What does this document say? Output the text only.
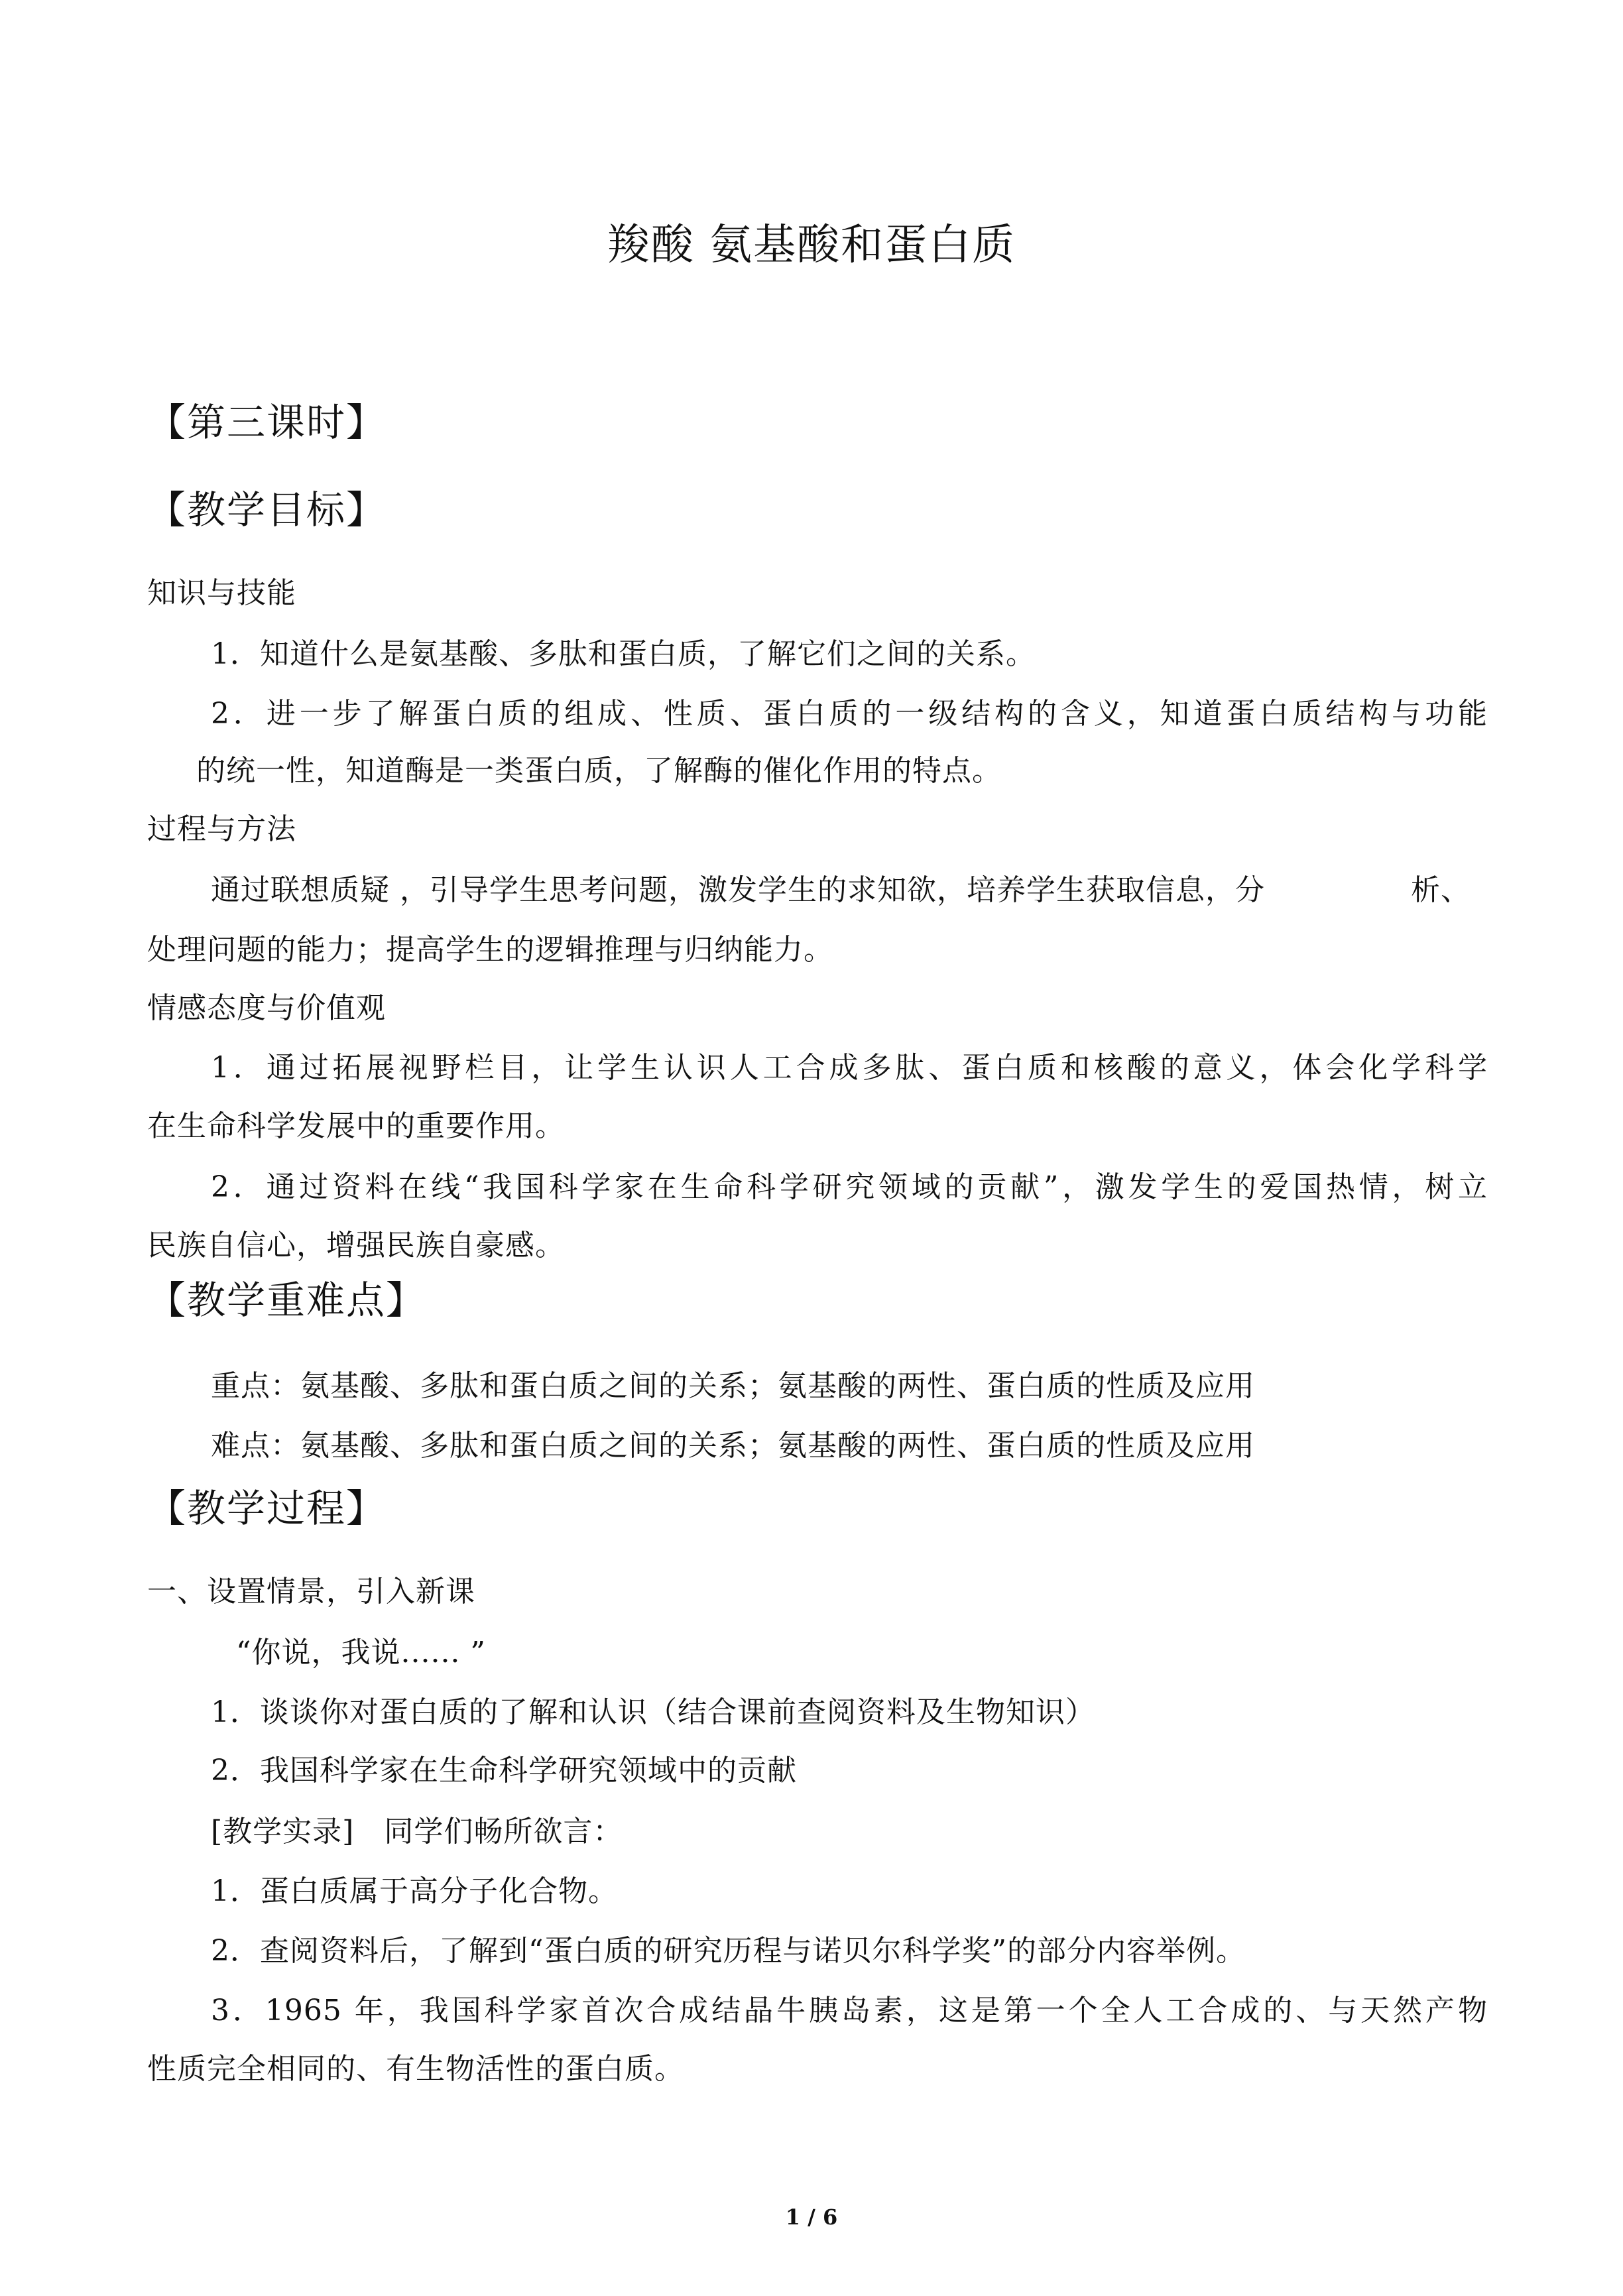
羧酸 氨基酸和蛋白质
【第三课时】
【教学目标】
知识与技能
1．知道什么是氨基酸、多肽和蛋白质，了解它们之间的关系。
2．进一步了解蛋白质的组成、性质、蛋白质的一级结构的含义，知道蛋白质结构与功能
的统一性，知道酶是一类蛋白质，了解酶的催化作用的特点。
过程与方法
通过联想质疑 ，引导学生思考问题，激发学生的求知欲，培养学生获取信息，分	析、
处理问题的能力；提高学生的逻辑推理与归纳能力。
情感态度与价值观
1．通过拓展视野栏目，让学生认识人工合成多肽、蛋白质和核酸的意义，体会化学科学
在生命科学发展中的重要作用。
2．通过资料在线“我国科学家在生命科学研究领域的贡献”，激发学生的爱国热情，树立
民族自信心，增强民族自豪感。
【教学重难点】
重点：氨基酸、多肽和蛋白质之间的关系；氨基酸的两性、蛋白质的性质及应用
难点：氨基酸、多肽和蛋白质之间的关系；氨基酸的两性、蛋白质的性质及应用
【教学过程】
一、设置情景，引入新课
“你说，我说...... ”
1．谈谈你对蛋白质的了解和认识（结合课前查阅资料及生物知识）
2．我国科学家在生命科学研究领域中的贡献
[教学实录]　同学们畅所欲言：
1．蛋白质属于高分子化合物。
2．查阅资料后，了解到“蛋白质的研究历程与诺贝尔科学奖”的部分内容举例。
3．1965 年，我国科学家首次合成结晶牛胰岛素，这是第一个全人工合成的、与天然产物
性质完全相同的、有生物活性的蛋白质。
1 / 6
